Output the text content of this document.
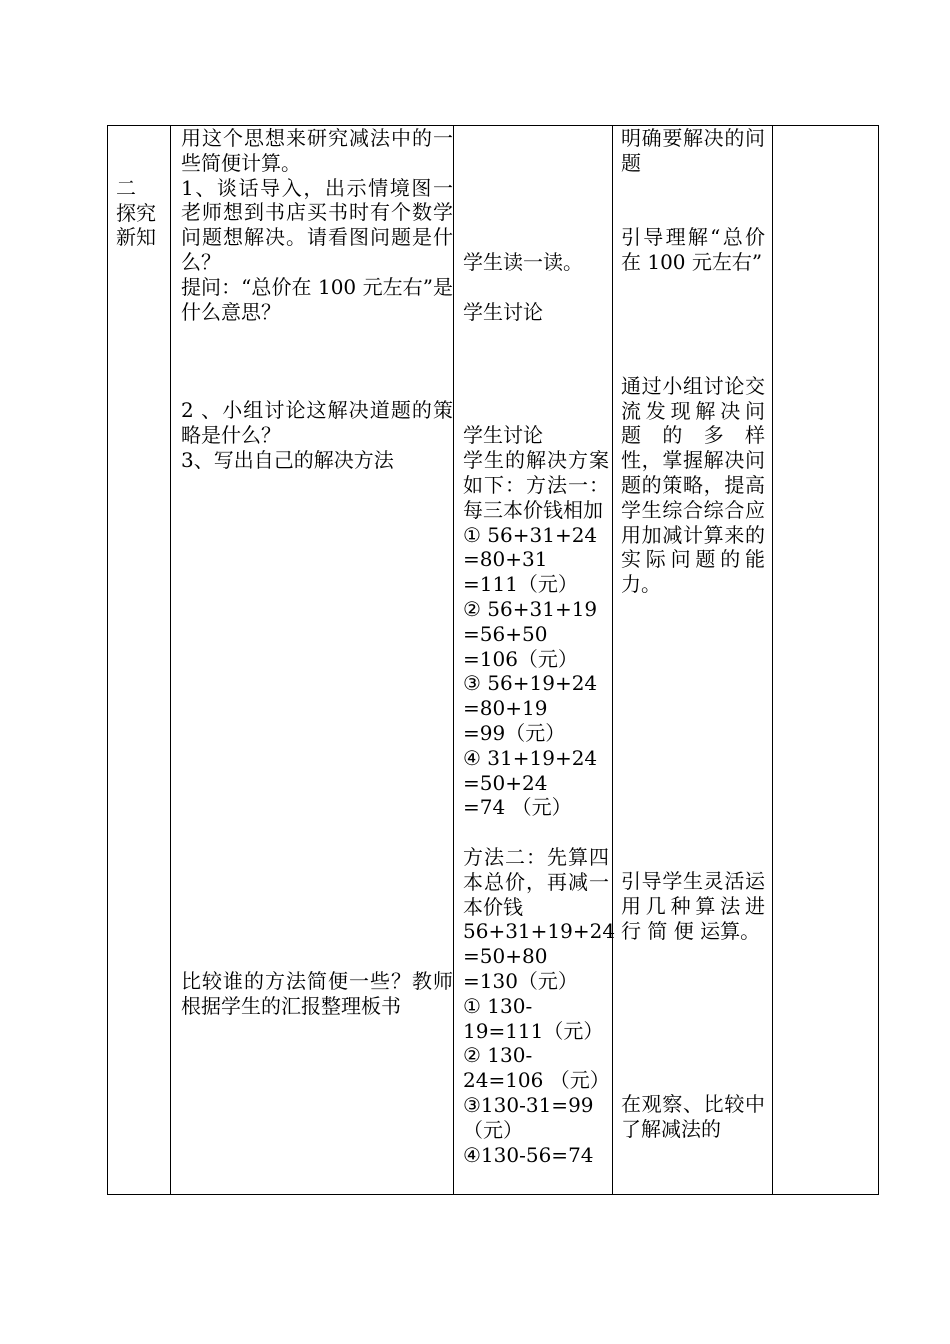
二

探究

新知

用这个思想来研究减法中的一些简便计算。

1、谈话导入，出示情境图一老师想到书店买书时有个数学问题想解决。请看图问题是什么？

提问：“总价在 100 元左右”是什么意思？

2 、小组讨论这解决道题的策略是什么？

3、写出自己的解决方法

比较谁的方法简便一些？教师根据学生的汇报整理板书

学生读一读。

学生讨论

学生讨论

学生的解决方案如下：方法一：每三本价钱相加

① 56+31+24

=80+31

=111（元）

② 56+31+19

=56+50

=106（元）

③ 56+19+24

=80+19

=99（元）

④ 31+19+24

=50+24

=74 （元）

方法二：先算四本总价，再减一本价钱

56+31+19+24

=50+80

=130（元）

① 130-

19=111（元）

② 130-

24=106 （元）

③130-31=99

（元）

④130-56=74

明确要解决的问题

引导理解“总价在 100 元左右”

通过小组讨论交流发现解决问 题 的 多 样 性，掌握解决问题的策略，提高学生综合综合应用加减计算来的实际问题的能力。

引导学生灵活运用几种算法进 行 简 便 运算。

在观察、比较中了解减法的
